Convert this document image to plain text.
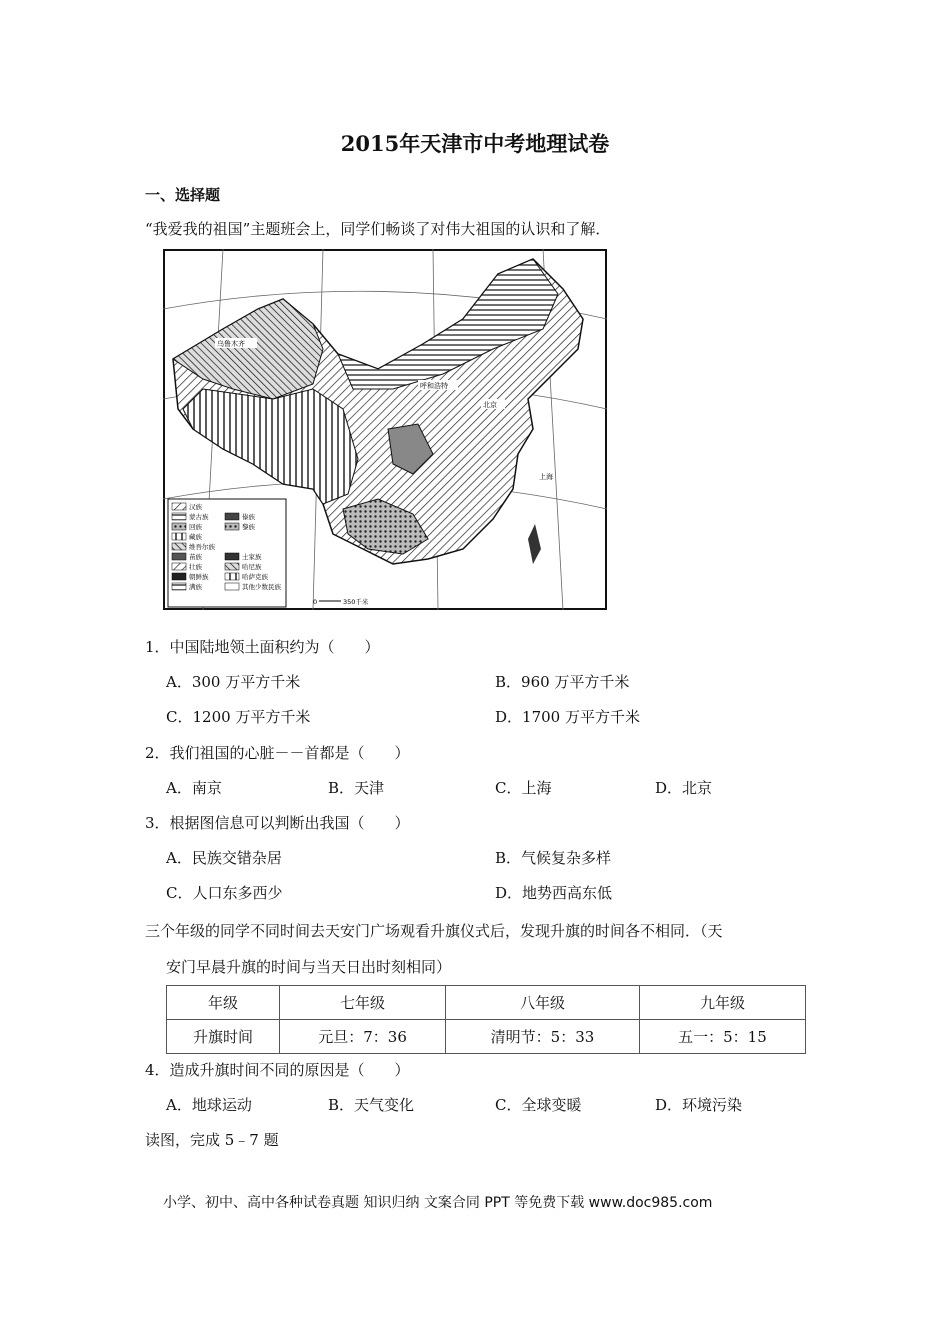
2015年天津市中考地理试卷
一、选择题
“我爱我的祖国”主题班会上，同学们畅谈了对伟大祖国的认识和了解．
乌鲁木齐
呼和浩特
北京
上海
汉族
蒙古族
回族
藏族
维吾尔族
苗族
壮族
朝鲜族
满族
傣族
黎族
土家族
哈尼族
哈萨克族
其他少数民族
0	350千米
1．中国陆地领土面积约为（　　）
A．300 万平方千米	B．960 万平方千米
C．1200 万平方千米	D．1700 万平方千米
2．我们祖国的心脏－－首都是（　　）
A．南京	B．天津	C．上海	D．北京
3．根据图信息可以判断出我国（　　）
A．民族交错杂居	B．气候复杂多样
C．人口东多西少	D．地势西高东低
三个年级的同学不同时间去天安门广场观看升旗仪式后，发现升旗的时间各不相同．（天
安门早晨升旗的时间与当天日出时刻相同）
年级	七年级	八年级	九年级
升旗时间	元旦：7：36	清明节：5：33	五一：5：15
4．造成升旗时间不同的原因是（　　）
A．地球运动	B．天气变化	C．全球变暖	D．环境污染
读图，完成 5﹣7 题
小学、初中、高中各种试卷真题 知识归纳 文案合同 PPT 等免费下载 www.doc985.com
